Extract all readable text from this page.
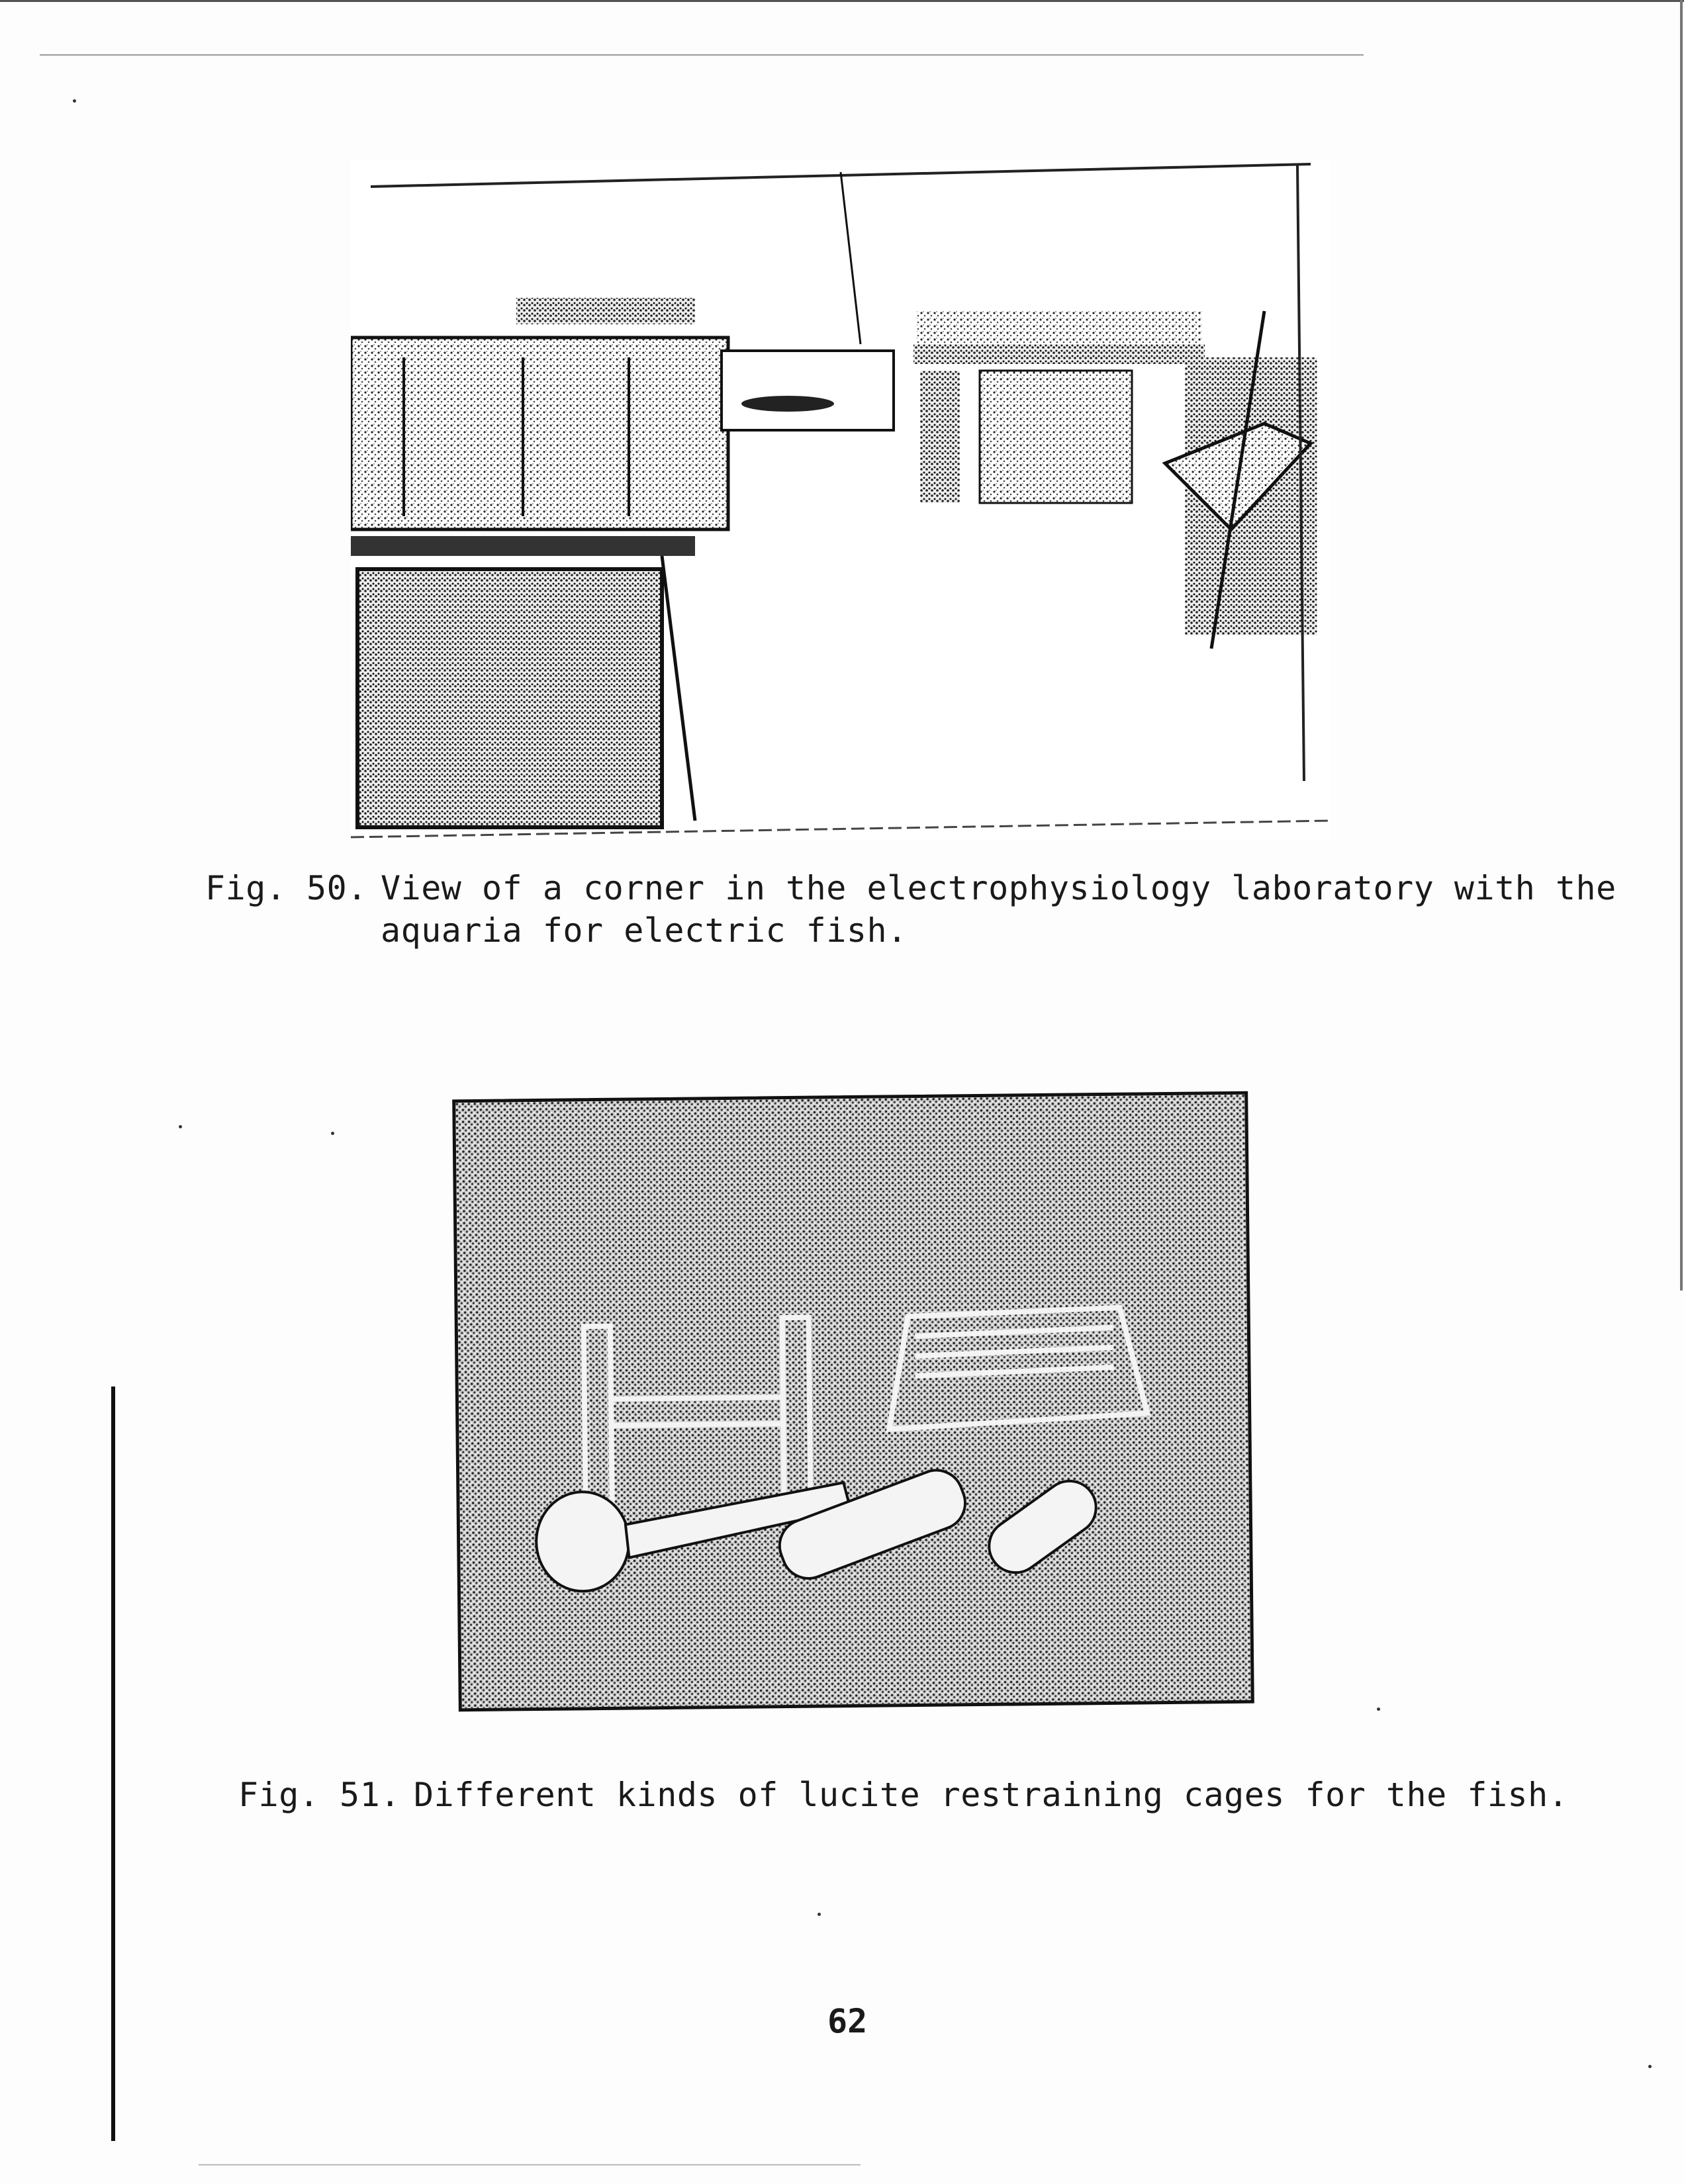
Fig. 50. View of a corner in the electrophysiology laboratory with the
aquaria for electric fish.
Fig. 51. Different kinds of lucite restraining cages for the fish.
62
